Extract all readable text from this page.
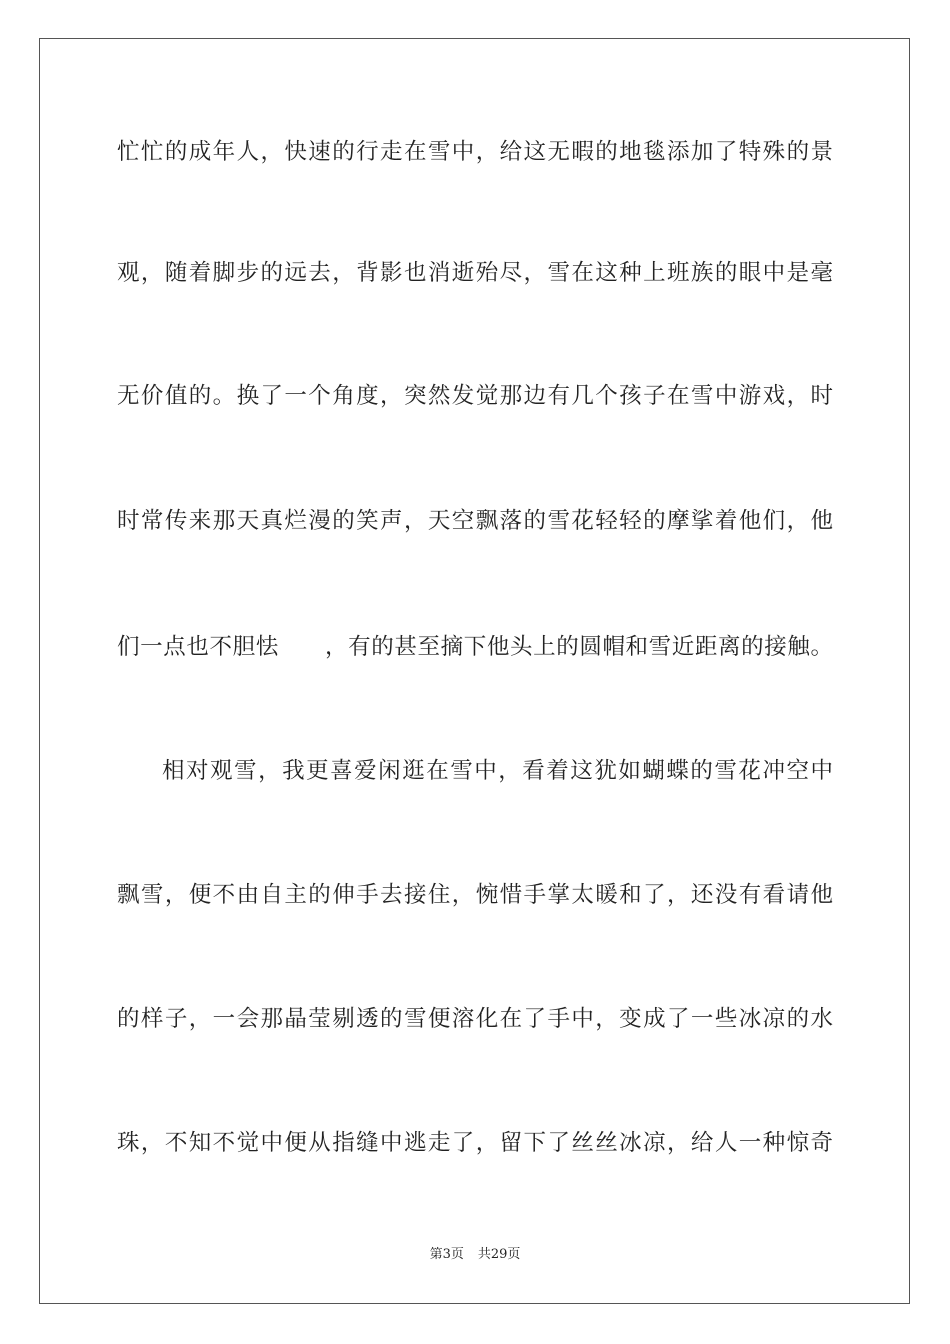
忙忙的成年人，快速的行走在雪中，给这无暇的地毯添加了特殊的景
观，随着脚步的远去，背影也消逝殆尽，雪在这种上班族的眼中是毫
无价值的。换了一个角度，突然发觉那边有几个孩子在雪中游戏，时
时常传来那天真烂漫的笑声，天空飘落的雪花轻轻的摩挲着他们，他
们一点也不胆怯　　，有的甚至摘下他头上的圆帽和雪近距离的接触。
相对观雪，我更喜爱闲逛在雪中，看着这犹如蝴蝶的雪花冲空中
飘雪，便不由自主的伸手去接住，惋惜手掌太暖和了，还没有看请他
的样子，一会那晶莹剔透的雪便溶化在了手中，变成了一些冰凉的水
珠，不知不觉中便从指缝中逃走了，留下了丝丝冰凉，给人一种惊奇
第3页 共29页
